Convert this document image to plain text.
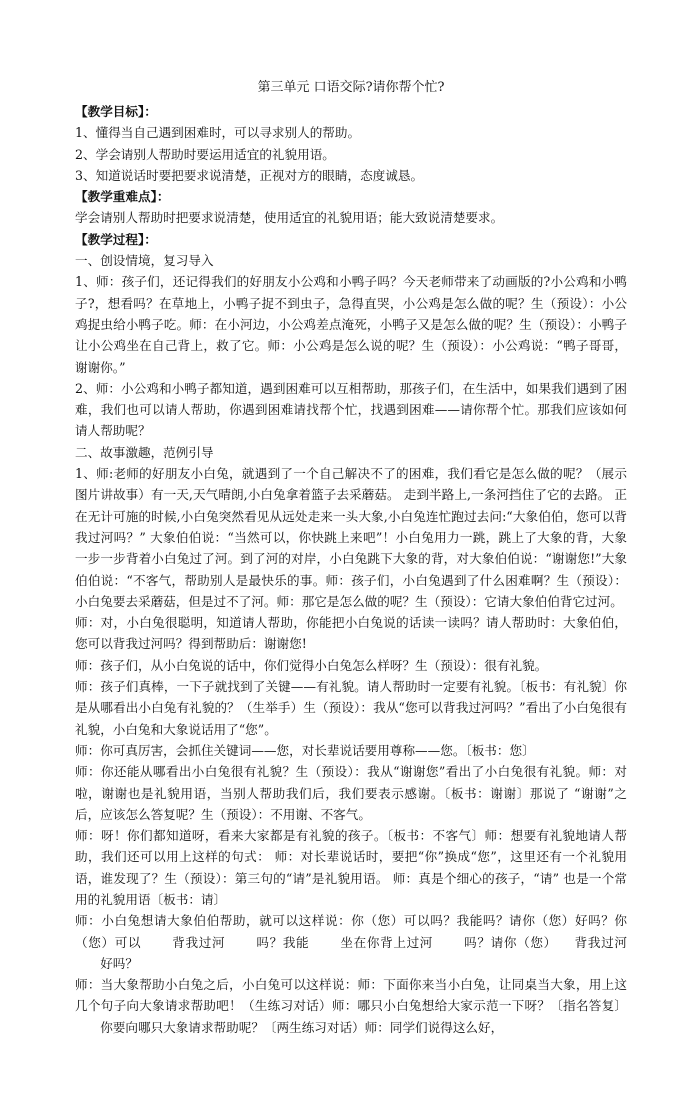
第三单元 口语交际?请你帮个忙?

【教学目标】：

1、懂得当自己遇到困难时，可以寻求别人的帮助。

2、学会请别人帮助时要运用适宜的礼貌用语。

3、知道说话时要把要求说清楚，正视对方的眼睛，态度诚恳。

【教学重难点】：

学会请别人帮助时把要求说清楚，使用适宜的礼貌用语；能大致说清楚要求。

【教学过程】：

一、创设情境，复习导入

1、师：孩子们，还记得我们的好朋友小公鸡和小鸭子吗？今天老师带来了动画版的?小公鸡和小鸭子?，想看吗？在草地上，小鸭子捉不到虫子，急得直哭，小公鸡是怎么做的呢？生（预设）：小公鸡捉虫给小鸭子吃。师：在小河边，小公鸡差点淹死，小鸭子又是怎么做的呢？生（预设）：小鸭子让小公鸡坐在自己背上，救了它。师：小公鸡是怎么说的呢？生（预设）：小公鸡说：“鸭子哥哥，谢谢你。”

2、师：小公鸡和小鸭子都知道，遇到困难可以互相帮助，那孩子们，在生活中，如果我们遇到了困难，我们也可以请人帮助，你遇到困难请找帮个忙，找遇到困难——请你帮个忙。那我们应该如何请人帮助呢？

二、故事激趣，范例引导

1、师:老师的好朋友小白兔，就遇到了一个自己解决不了的困难，我们看它是怎么做的呢？（展示图片讲故事）有一天,天气晴朗,小白兔拿着篮子去采蘑菇。 走到半路上,一条河挡住了它的去路。 正在无计可施的时候,小白兔突然看见从远处走来一头大象,小白兔连忙跑过去问:“大象伯伯，您可以背我过河吗？” 大象伯伯说：“当然可以，你快跳上来吧”！小白兔用力一跳，跳上了大象的背，大象一步一步背着小白兔过了河。到了河的对岸，小白兔跳下大象的背，对大象伯伯说：“谢谢您!”大象伯伯说：“不客气，帮助别人是最快乐的事。师：孩子们，小白兔遇到了什么困难啊？生（预设）：小白兔要去采蘑菇，但是过不了河。师：那它是怎么做的呢？生（预设）：它请大象伯伯背它过河。

师：对，小白兔很聪明，知道请人帮助，你能把小白兔说的话读一读吗？请人帮助时：大象伯伯，您可以背我过河吗？得到帮助后：谢谢您!

师：孩子们，从小白兔说的话中，你们觉得小白兔怎么样呀？生（预设）：很有礼貌。

师：孩子们真棒，一下子就找到了关键——有礼貌。请人帮助时一定要有礼貌。〔板书：有礼貌〕你是从哪看出小白兔有礼貌的？（生举手）生（预设）：我从“您可以背我过河吗？”看出了小白兔很有礼貌，小白兔和大象说话用了“您”。

师：你可真厉害，会抓住关键词——您，对长辈说话要用尊称——您。〔板书：您〕

师：你还能从哪看出小白兔很有礼貌？生（预设）：我从“谢谢您”看出了小白兔很有礼貌。师：对啦，谢谢也是礼貌用语，当别人帮助我们后，我们要表示感谢。〔板书：谢谢〕那说了 “谢谢”之后，应该怎么答复呢？生（预设）：不用谢、不客气。

师：呀！你们都知道呀，看来大家都是有礼貌的孩子。〔板书：不客气〕师：想要有礼貌地请人帮助，我们还可以用上这样的句式： 师：对长辈说话时，要把“你”换成“您”，这里还有一个礼貌用语，谁发现了？生（预设）：第三句的“请”是礼貌用语。 师：真是个细心的孩子，“请” 也是一个常用的礼貌用语〔板书：请〕

师：小白兔想请大象伯伯帮助，就可以这样说：你（您）可以吗？我能吗？请你（您）好吗？你（您）可以 　　背我过河 　　吗？我能 　　坐在你背上过河 　　吗？请你（您） 　背我过河 　　好吗？

师：当大象帮助小白兔之后，小白兔可以这样说：师：下面你来当小白兔，让同桌当大象，用上这几个句子向大象请求帮助吧！（生练习对话）师：哪只小白兔想给大家示范一下呀？〔指名答复〕 　　你要向哪只大象请求帮助呢？〔两生练习对话）师：同学们说得这么好，
